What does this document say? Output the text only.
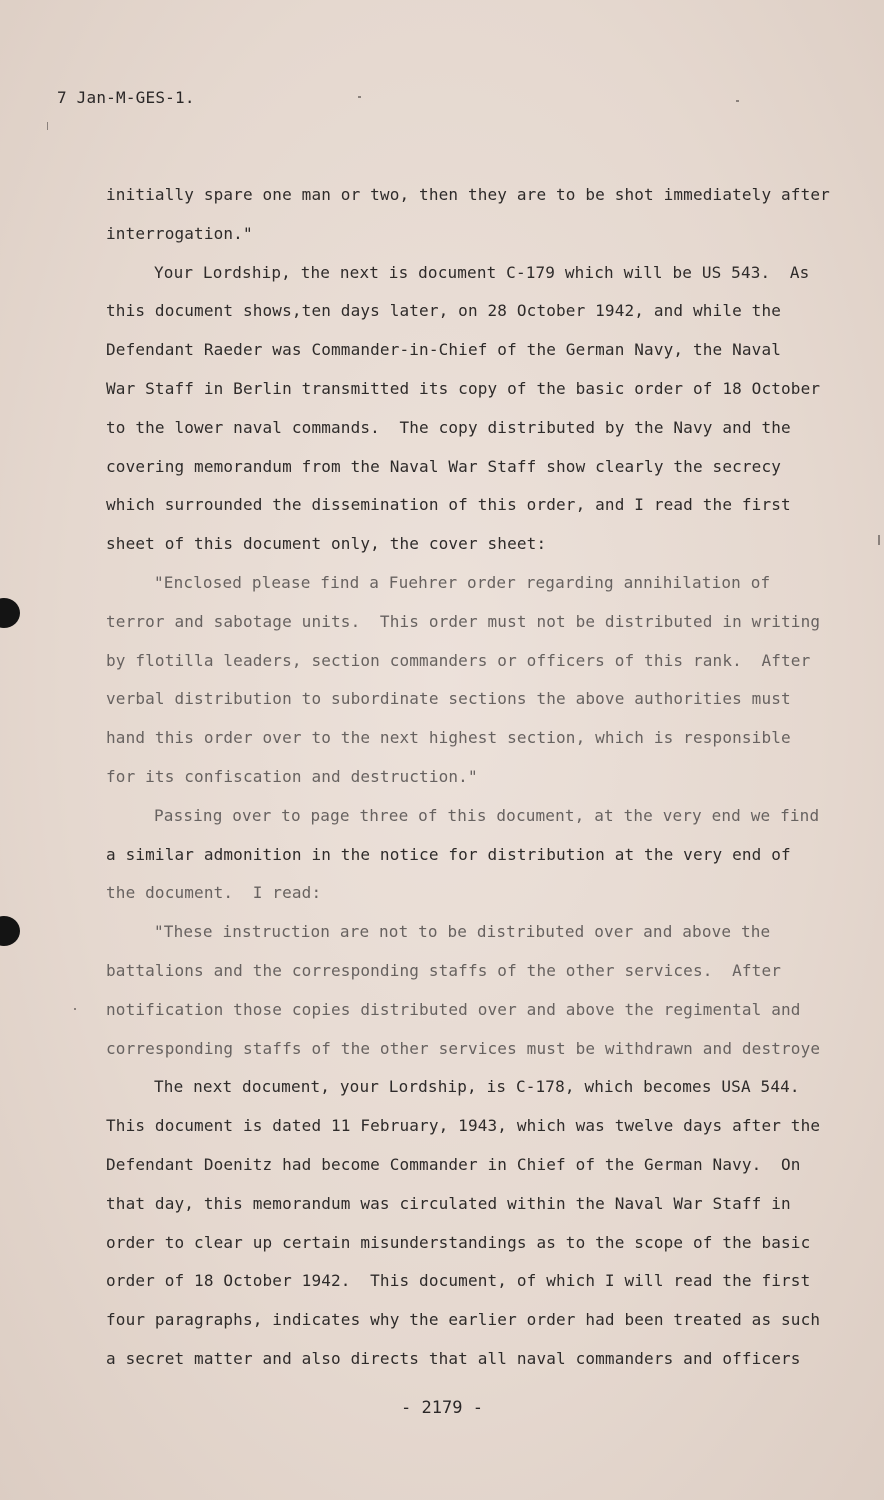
7 Jan-M-GES-1.
initially spare one man or two, then they are to be shot immediately after
interrogation."
Your Lordship, the next is document C-179 which will be US 543.  As
this document shows,ten days later, on 28 October 1942, and while the
Defendant Raeder was Commander-in-Chief of the German Navy, the Naval
War Staff in Berlin transmitted its copy of the basic order of 18 October
to the lower naval commands.  The copy distributed by the Navy and the
covering memorandum from the Naval War Staff show clearly the secrecy
which surrounded the dissemination of this order, and I read the first
sheet of this document only, the cover sheet:
"Enclosed please find a Fuehrer order regarding annihilation of
terror and sabotage units.  This order must not be distributed in writing
by flotilla leaders, section commanders or officers of this rank.  After
verbal distribution to subordinate sections the above authorities must
hand this order over to the next highest section, which is responsible
for its confiscation and destruction."
Passing over to page three of this document, at the very end we find
a similar admonition in the notice for distribution at the very end of
the document.  I read:
"These instruction are not to be distributed over and above the
battalions and the corresponding staffs of the other services.  After
notification those copies distributed over and above the regimental and
corresponding staffs of the other services must be withdrawn and destroye
The next document, your Lordship, is C-178, which becomes USA 544.
This document is dated 11 February, 1943, which was twelve days after the
Defendant Doenitz had become Commander in Chief of the German Navy.  On
that day, this memorandum was circulated within the Naval War Staff in
order to clear up certain misunderstandings as to the scope of the basic
order of 18 October 1942.  This document, of which I will read the first
four paragraphs, indicates why the earlier order had been treated as such
a secret matter and also directs that all naval commanders and officers
- 2179 -
